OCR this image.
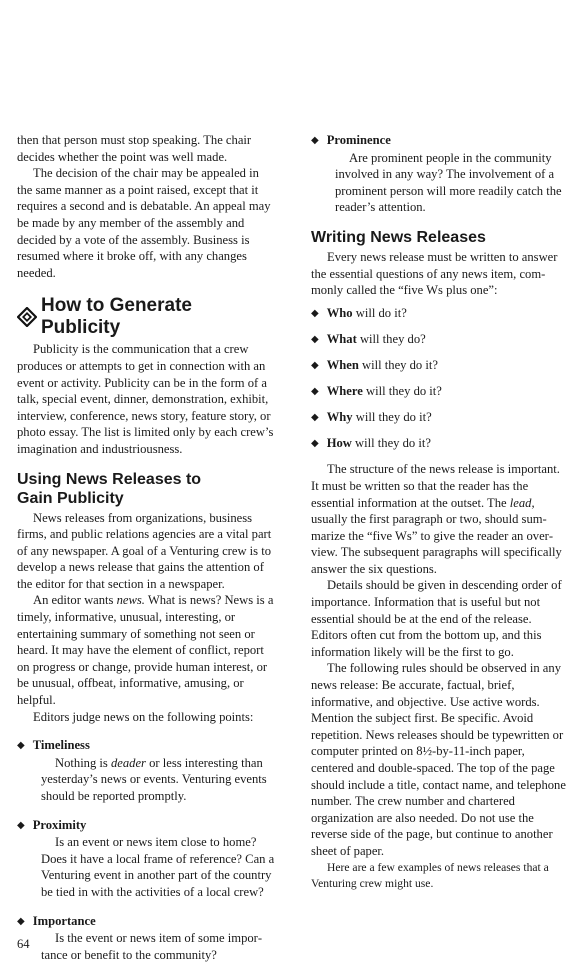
then that person must stop speaking. The chair decides whether the point was well made.

The decision of the chair may be appealed in the same manner as a point raised, except that it requires a second and is debatable. An appeal may be made by any member of the assembly and decided by a vote of the assembly. Business is resumed where it broke off, with any changes needed.

How to Generate Publicity

Publicity is the communication that a crew produces or attempts to get in connection with an event or activity. Publicity can be in the form of a talk, special event, dinner, demonstration, exhibit, interview, conference, news story, feature story, or photo essay. The list is limited only by each crew’s imagination and industriousness.

Using News Releases to
Gain Publicity

News releases from organizations, business firms, and public relations agencies are a vital part of any newspaper. A goal of a Venturing crew is to develop a news release that gains the attention of the editor for that section in a newspaper.

An editor wants news. What is news? News is a timely, informative, unusual, interesting, or entertaining summary of something not seen or heard. It may have the element of conflict, report on progress or change, provide human interest, or be unusual, offbeat, informative, amusing, or helpful.

Editors judge news on the following points:

◆ Timeliness

Nothing is deader or less interesting than yesterday’s news or events. Venturing events should be reported promptly.

◆ Proximity

Is an event or news item close to home? Does it have a local frame of reference? Can a Venturing event in another part of the country be tied in with the activities of a local crew?

◆ Importance

Is the event or news item of some importance or benefit to the community?

◆ Prominence

Are prominent people in the community involved in any way? The involvement of a prominent person will more readily catch the reader’s attention.

Writing News Releases

Every news release must be written to answer the essential questions of any news item, commonly called the “five Ws plus one”:

◆ Who will do it?
◆ What will they do?
◆ When will they do it?
◆ Where will they do it?
◆ Why will they do it?
◆ How will they do it?

The structure of the news release is important. It must be written so that the reader has the essential information at the outset. The lead, usually the first paragraph or two, should summarize the “five Ws” to give the reader an overview. The subsequent paragraphs will specifically answer the six questions.

Details should be given in descending order of importance. Information that is useful but not essential should be at the end of the release. Editors often cut from the bottom up, and this information likely will be the first to go.

The following rules should be observed in any news release: Be accurate, factual, brief, informative, and objective. Use active words. Mention the subject first. Be specific. Avoid repetition. News releases should be typewritten or computer printed on 8½-by-11-inch paper, centered and double-spaced. The top of the page should include a title, contact name, and telephone number. The crew number and chartered organization are also needed. Do not use the reverse side of the page, but continue to another sheet of paper.

Here are a few examples of news releases that a Venturing crew might use.

64
